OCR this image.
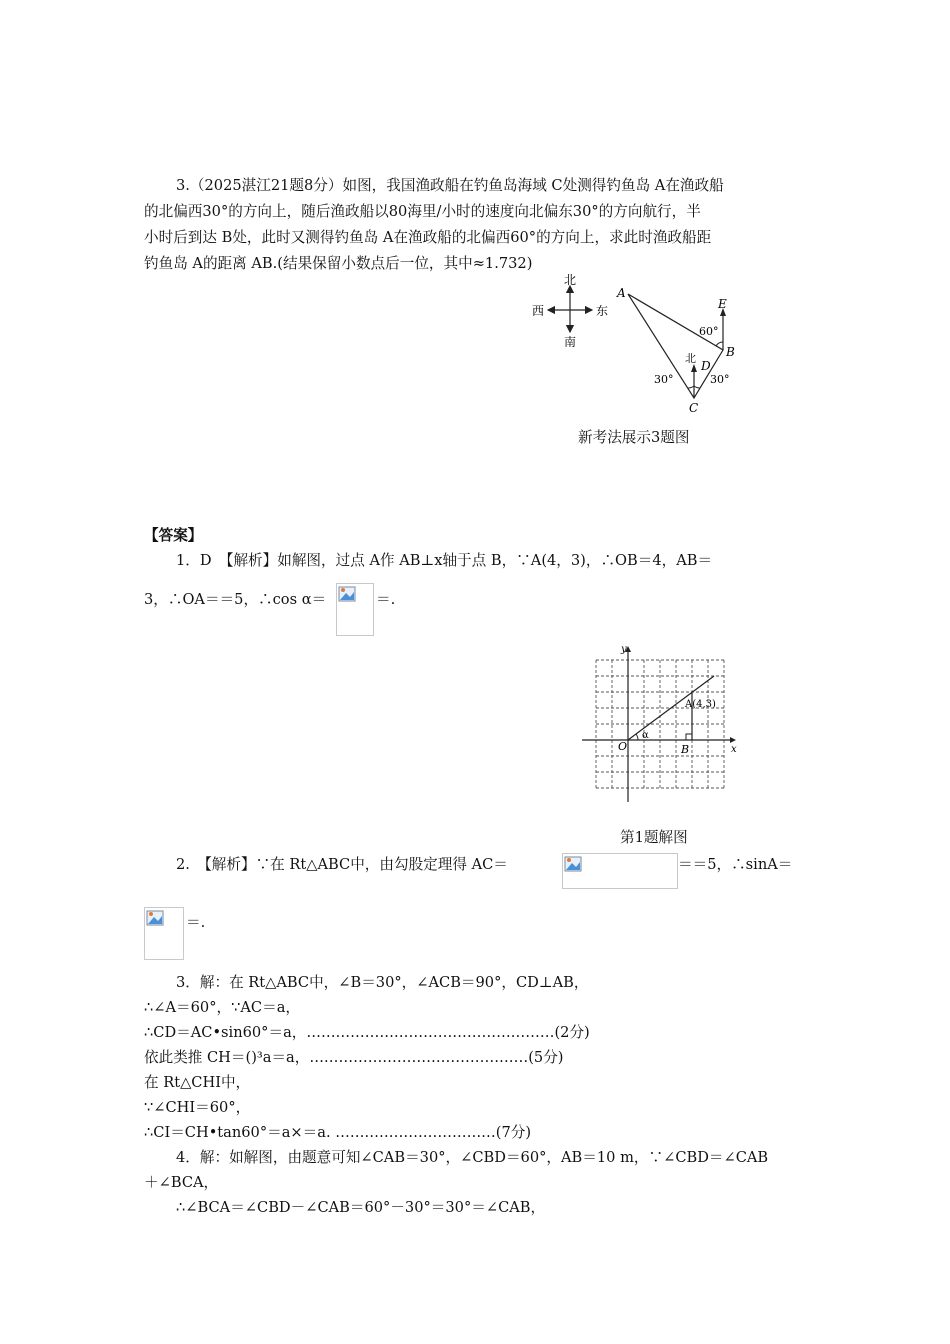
3.（2025湛江21题8分）如图，我国渔政船在钓鱼岛海域 C处测得钓鱼岛 A在渔政船
的北偏西30°的方向上，随后渔政船以80海里/小时的速度向北偏东30°的方向航行，半
小时后到达 B处，此时又测得钓鱼岛 A在渔政船的北偏西60°的方向上，求此时渔政船距
钓鱼岛 A的距离 AB.(结果保留小数点后一位，其中≈1.732)
北
南
西	东
A
B
C
D
E
北
60°
30°	30°
新考法展示3题图
【答案】
1．D　【解析】如解图，过点 A作 AB⊥x轴于点 B，∵A(4，3)，∴OB＝4，AB＝
3，∴OA＝＝5，∴cos α＝	＝.
y
x
O
A(4,3)
B
α
第1题解图
2.　【解析】∵在 Rt△ABC中，由勾股定理得 AC＝	＝＝5，∴sinA＝
＝.
3．解：在 Rt△ABC中，∠B＝30°，∠ACB＝90°，CD⊥AB，
∴∠A＝60°，∵AC＝a，
∴CD＝AC•sin60°＝a，……………………………………………(2分)
依此类推 CH＝()³a＝a，………………………………………(5分)
在 Rt△CHI中，
∵∠CHI＝60°，
∴CI＝CH•tan60°＝a×＝a. ……………………………(7分)
4．解：如解图，由题意可知∠CAB＝30°，∠CBD＝60°，AB＝10 m，∵∠CBD＝∠CAB
＋∠BCA，
∴∠BCA＝∠CBD－∠CAB＝60°－30°＝30°＝∠CAB，
